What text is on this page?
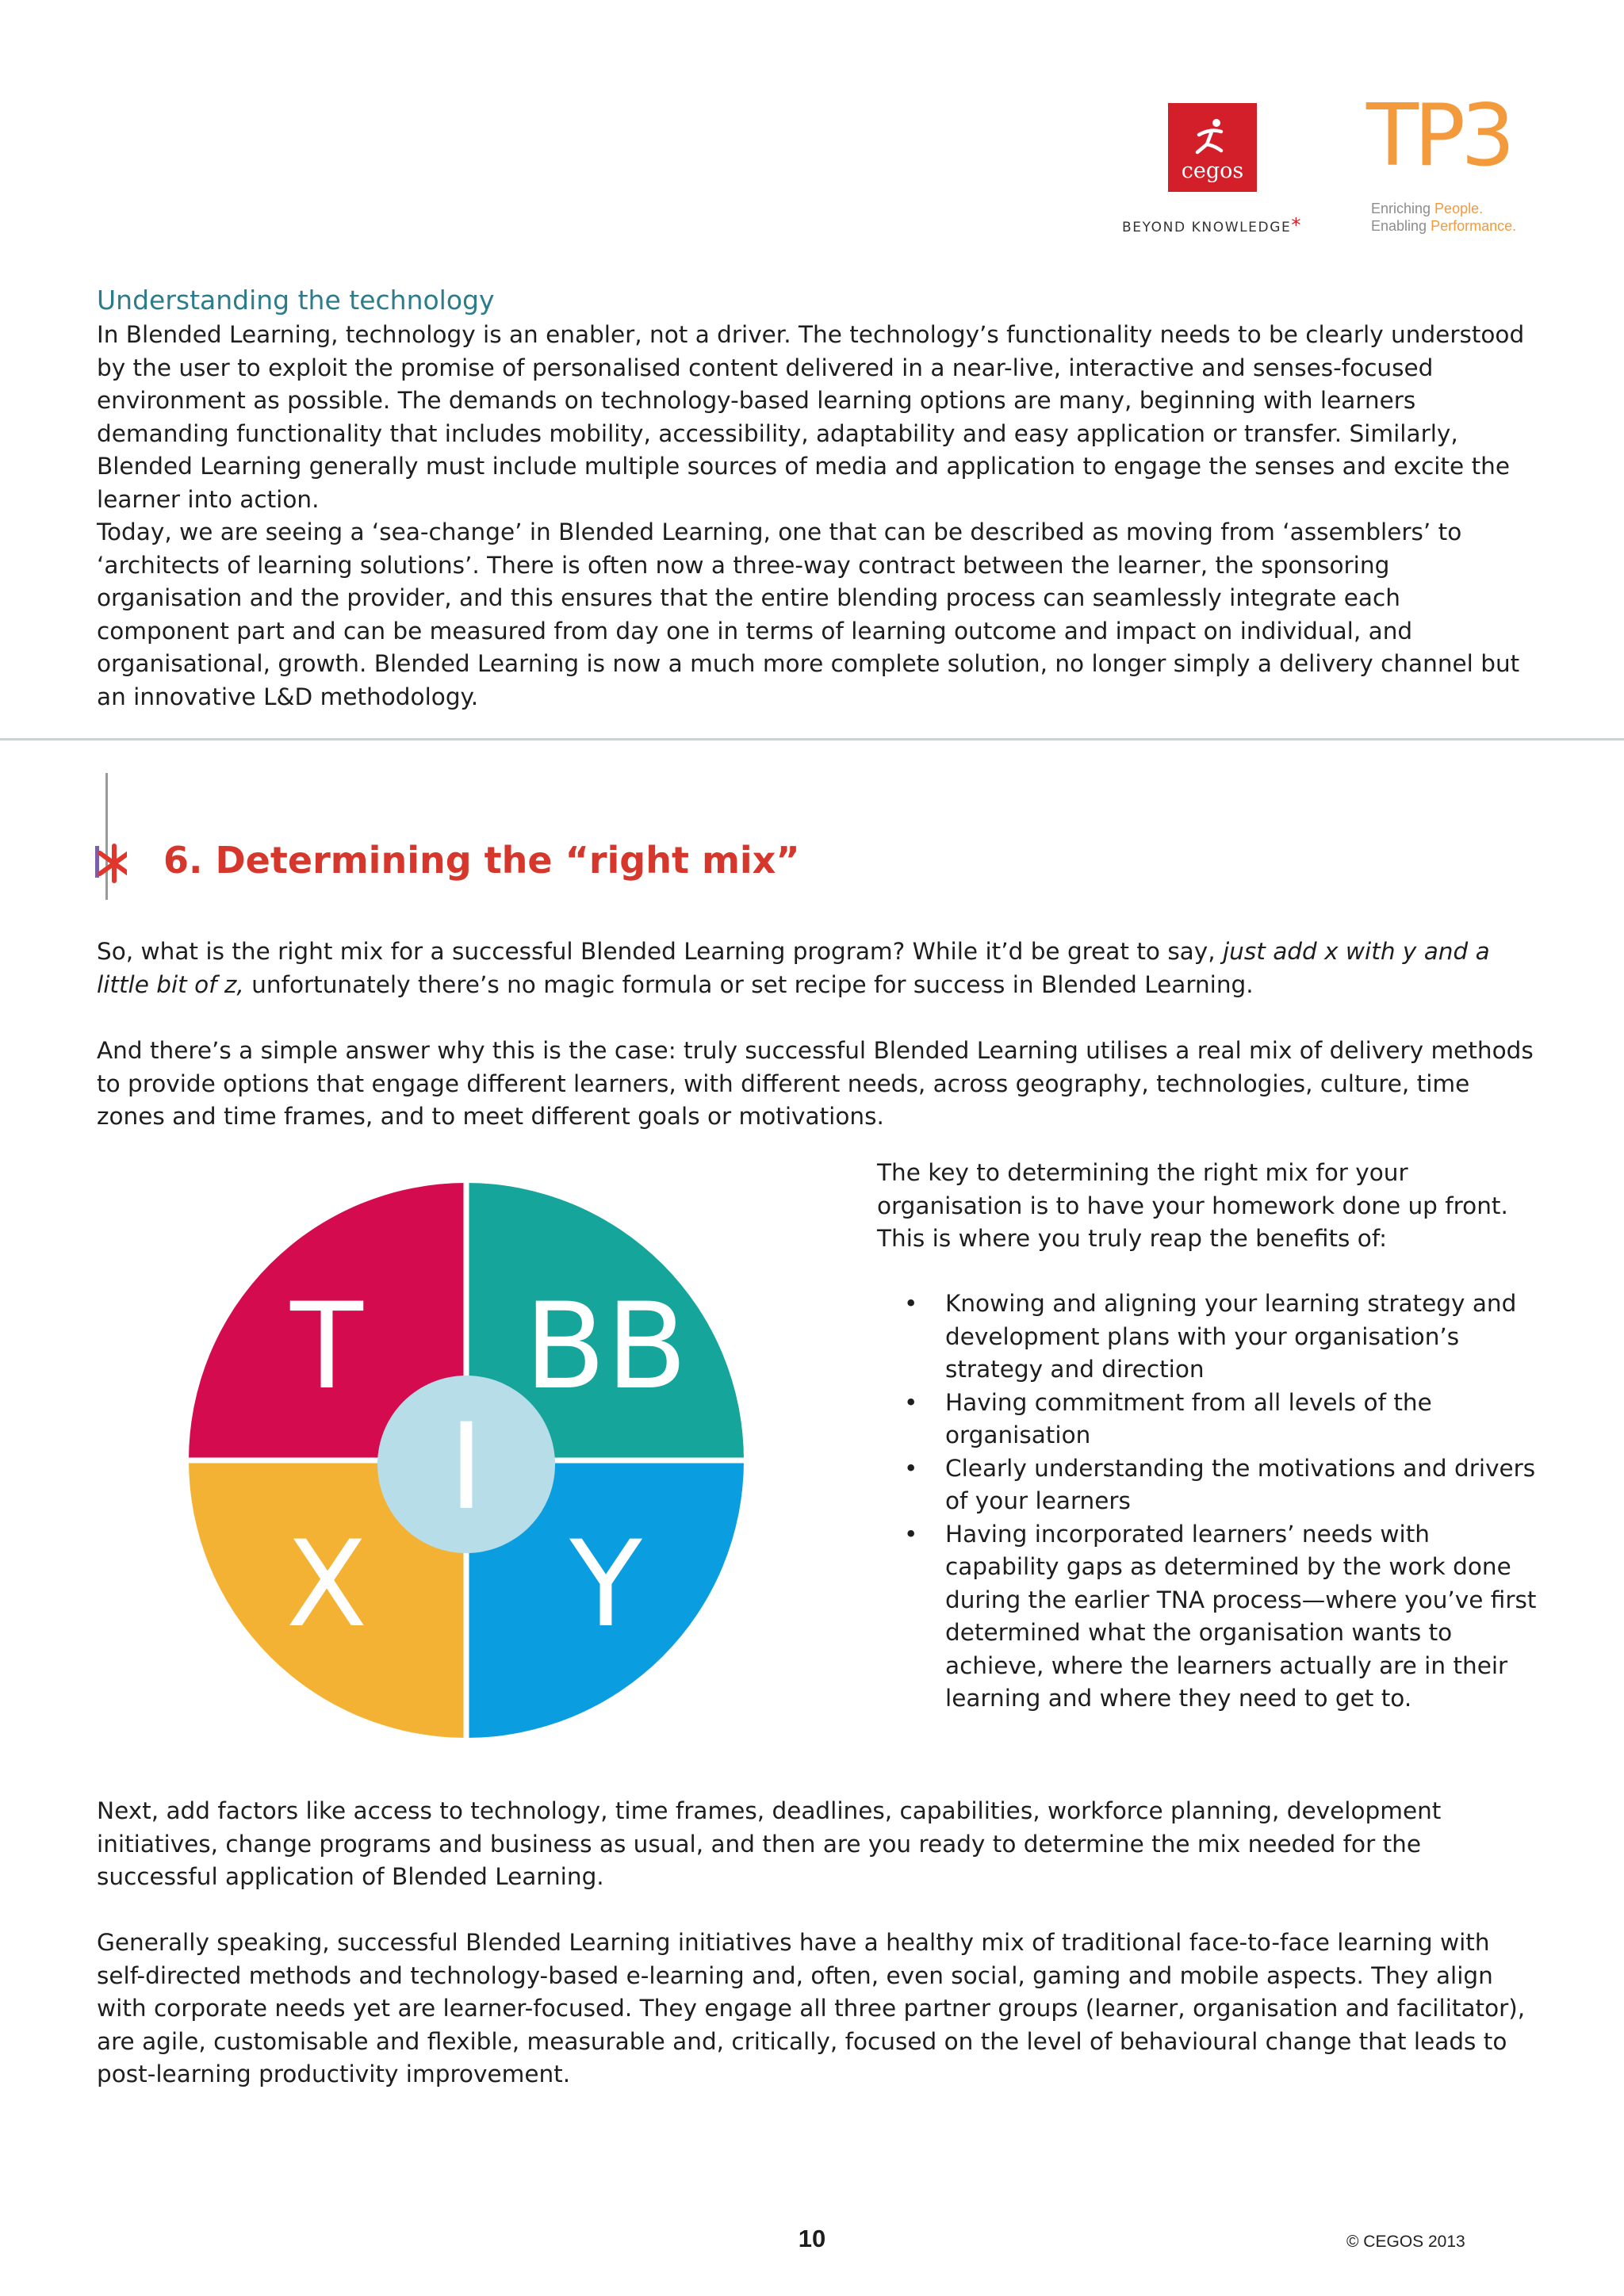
cegos
BEYOND KNOWLEDGE*
TP3
Enriching People.
Enabling Performance.
Understanding the technology

In Blended Learning, technology is an enabler, not a driver. The technology’s functionality needs to be clearly understood by the user to exploit the promise of personalised content delivered in a near-live, interactive and senses-focused environment as possible. The demands on technology-based learning options are many, beginning with learners demanding functionality that includes mobility, accessibility, adaptability and easy application or transfer. Similarly, Blended Learning generally must include multiple sources of media and application to engage the senses and excite the learner into action.

Today, we are seeing a ‘sea-change’ in Blended Learning, one that can be described as moving from ‘assemblers’ to ‘architects of learning solutions’. There is often now a three-way contract between the learner, the sponsoring organisation and the provider, and this ensures that the entire blending process can seamlessly integrate each component part and can be measured from day one in terms of learning outcome and impact on individual, and organisational, growth. Blended Learning is now a much more complete solution, no longer simply a delivery channel but an innovative L&D methodology.

6. Determining the “right mix”

So, what is the right mix for a successful Blended Learning program? While it’d be great to say, just add x with y and a little bit of z, unfortunately there’s no magic formula or set recipe for success in Blended Learning.

And there’s a simple answer why this is the case: truly successful Blended Learning utilises a real mix of delivery methods to provide options that engage different learners, with different needs, across geography, technologies, culture, time zones and time frames, and to meet different goals or motivations.

T BB
X Y
I

The key to determining the right mix for your organisation is to have your homework done up front. This is where you truly reap the benefits of:

• Knowing and aligning your learning strategy and development plans with your organisation’s strategy and direction
• Having commitment from all levels of the organisation
• Clearly understanding the motivations and drivers of your learners
• Having incorporated learners’ needs with capability gaps as determined by the work done during the earlier TNA process—where you’ve first determined what the organisation wants to achieve, where the learners actually are in their learning and where they need to get to.

Next, add factors like access to technology, time frames, deadlines, capabilities, workforce planning, development initiatives, change programs and business as usual, and then are you ready to determine the mix needed for the successful application of Blended Learning.

Generally speaking, successful Blended Learning initiatives have a healthy mix of traditional face-to-face learning with self-directed methods and technology-based e-learning and, often, even social, gaming and mobile aspects. They align with corporate needs yet are learner-focused. They engage all three partner groups (learner, organisation and facilitator), are agile, customisable and flexible, measurable and, critically, focused on the level of behavioural change that leads to post-learning productivity improvement.

10	© CEGOS 2013
